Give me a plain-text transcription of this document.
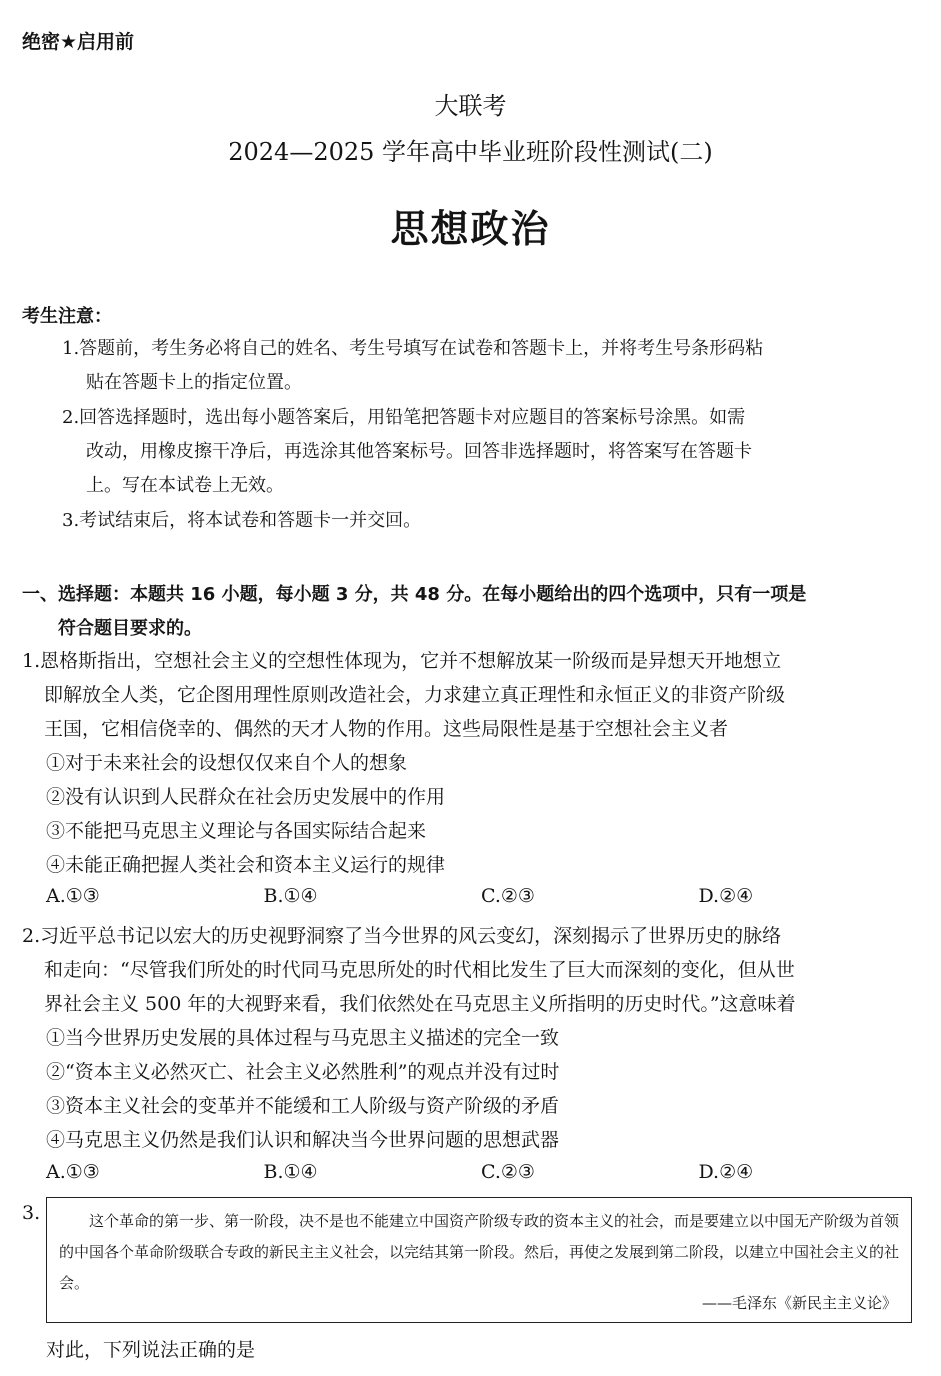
绝密★启用前
大联考
2024—2025 学年高中毕业班阶段性测试(二)
思想政治
考生注意：
1.答题前，考生务必将自己的姓名、考生号填写在试卷和答题卡上，并将考生号条形码粘
贴在答题卡上的指定位置。
2.回答选择题时，选出每小题答案后，用铅笔把答题卡对应题目的答案标号涂黑。如需
改动，用橡皮擦干净后，再选涂其他答案标号。回答非选择题时，将答案写在答题卡
上。写在本试卷上无效。
3.考试结束后，将本试卷和答题卡一并交回。
一、选择题：本题共 16 小题，每小题 3 分，共 48 分。在每小题给出的四个选项中，只有一项是
符合题目要求的。
1.恩格斯指出，空想社会主义的空想性体现为，它并不想解放某一阶级而是异想天开地想立
即解放全人类，它企图用理性原则改造社会，力求建立真正理性和永恒正义的非资产阶级
王国，它相信侥幸的、偶然的天才人物的作用。这些局限性是基于空想社会主义者
①对于未来社会的设想仅仅来自个人的想象
②没有认识到人民群众在社会历史发展中的作用
③不能把马克思主义理论与各国实际结合起来
④未能正确把握人类社会和资本主义运行的规律
A.①③	B.①④	C.②③	D.②④
2.习近平总书记以宏大的历史视野洞察了当今世界的风云变幻，深刻揭示了世界历史的脉络
和走向：“尽管我们所处的时代同马克思所处的时代相比发生了巨大而深刻的变化，但从世
界社会主义 500 年的大视野来看，我们依然处在马克思主义所指明的历史时代。”这意味着
①当今世界历史发展的具体过程与马克思主义描述的完全一致
②“资本主义必然灭亡、社会主义必然胜利”的观点并没有过时
③资本主义社会的变革并不能缓和工人阶级与资产阶级的矛盾
④马克思主义仍然是我们认识和解决当今世界问题的思想武器
A.①③	B.①④	C.②③	D.②④
3.	这个革命的第一步、第一阶段，决不是也不能建立中国资产阶级专政的资本主义的社会，而是要建立以中国无产阶级为首领的中国各个革命阶级联合专政的新民主主义社会，以完结其第一阶段。然后，再使之发展到第二阶段，以建立中国社会主义的社会。
——毛泽东《新民主主义论》
对此，下列说法正确的是
